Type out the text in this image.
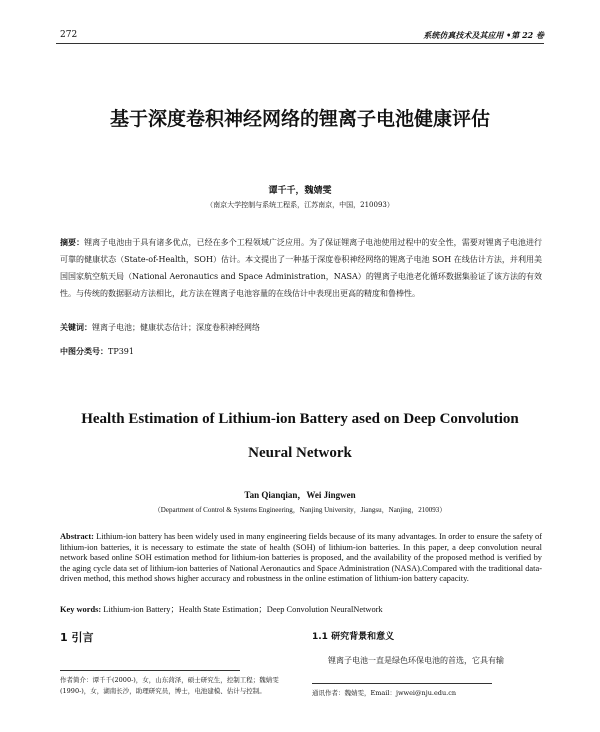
272	系统仿真技术及其应用 •第 22 卷
基于深度卷积神经网络的锂离子电池健康评估
谭千千，魏婧雯
（南京大学控制与系统工程系，江苏南京，中国，210093）
摘要：锂离子电池由于具有诸多优点，已经在多个工程领域广泛应用。为了保证锂离子电池使用过程中的安全性，需要对锂离子电池进行可靠的健康状态（State-of-Health，SOH）估计。本文提出了一种基于深度卷积神经网络的锂离子电池 SOH 在线估计方法，并利用美国国家航空航天局（National Aeronautics and Space Administration，NASA）的锂离子电池老化循环数据集验证了该方法的有效性。与传统的数据驱动方法相比，此方法在锂离子电池容量的在线估计中表现出更高的精度和鲁棒性。
关键词：锂离子电池；健康状态估计；深度卷积神经网络
中图分类号：TP391
Health Estimation of Lithium-ion Battery ased on Deep Convolution
Neural Network
Tan Qianqian，Wei Jingwen
（Department of Control & Systems Engineering，Nanjing University，Jiangsu，Nanjing，210093）
Abstract: Lithium-ion battery has been widely used in many engineering fields because of its many advantages. In order to ensure the safety of lithium-ion batteries, it is necessary to estimate the state of health (SOH) of lithium-ion batteries. In this paper, a deep convolution neural network based online SOH estimation method for lithium-ion batteries is proposed, and the availability of the proposed method is verified by the aging cycle data set of lithium-ion batteries of National Aeronautics and Space Administration (NASA).Compared with the traditional data-driven method, this method shows higher accuracy and robustness in the online estimation of lithium-ion battery capacity.
Key words: Lithium-ion Battery；Health State Estimation；Deep Convolution NeuralNetwork
1 引言	1.1 研究背景和意义
锂离子电池一直是绿色环保电池的首选，它具有输
作者简介：谭千千(2000-)，女，山东菏泽，硕士研究生，控制工程；魏婧雯(1990-)，女，湖南长沙，助理研究员，博士，电池建模、估计与控制。	通讯作者：魏婧雯，Email：jwwei@nju.edu.cn
